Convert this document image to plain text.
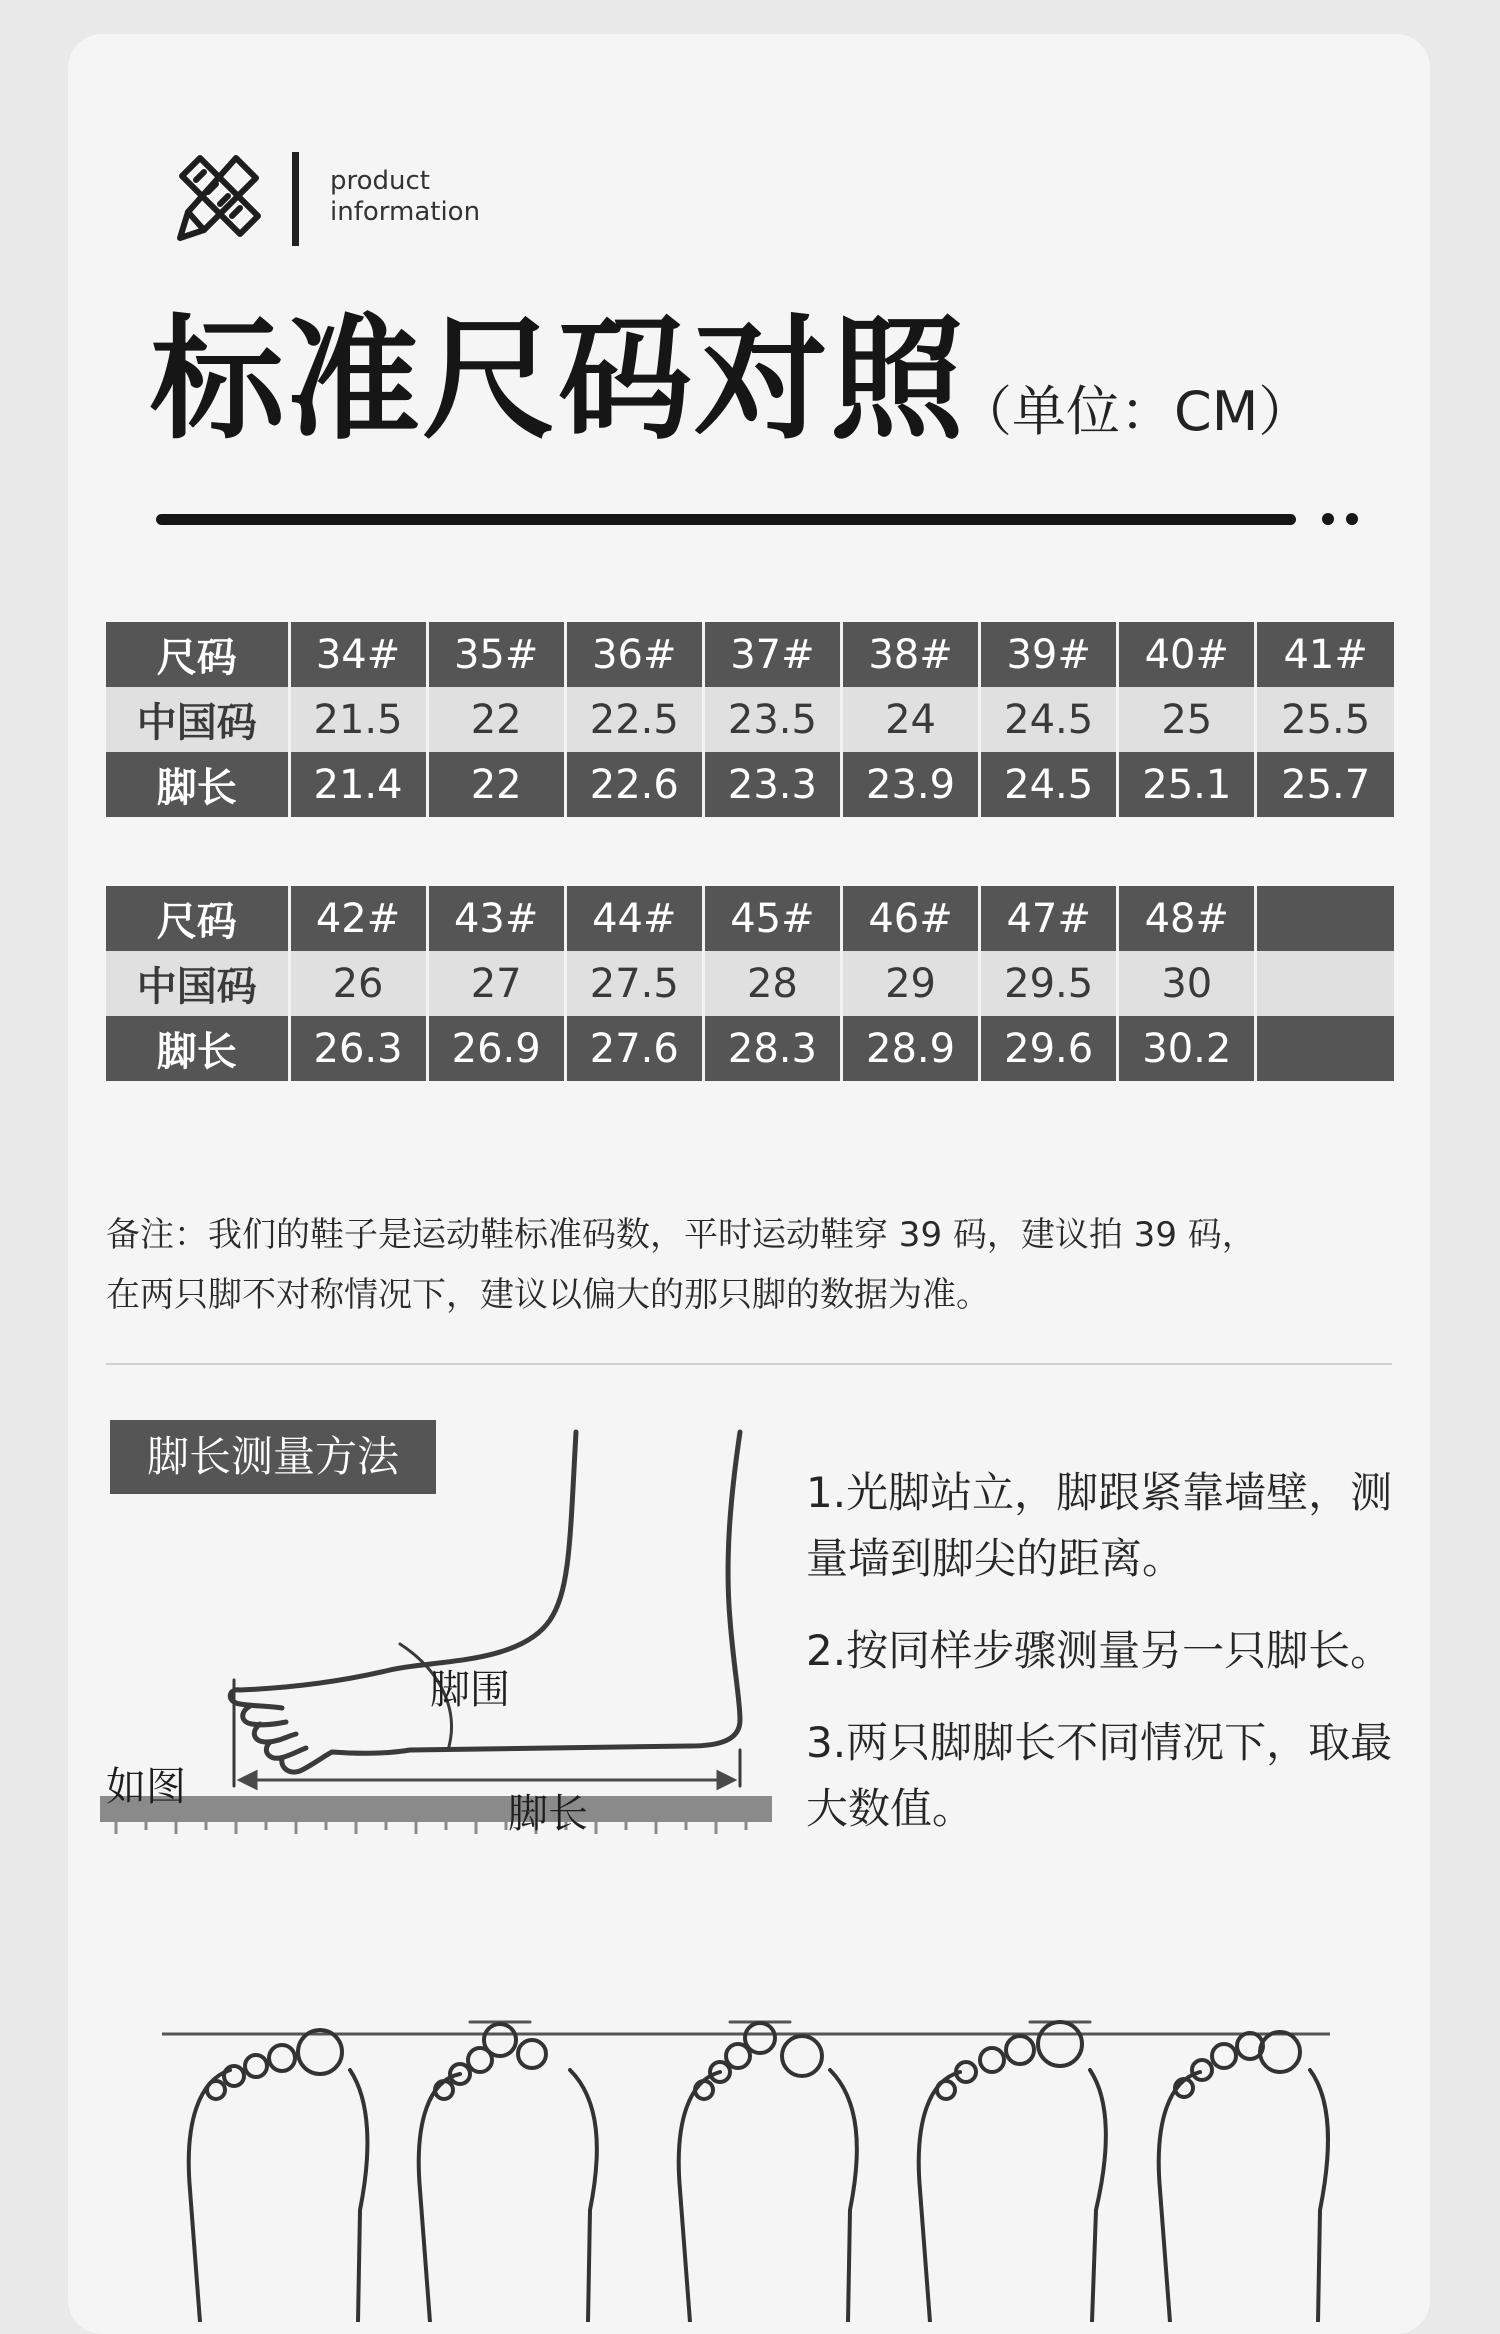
product
information
标准尺码对照
（单位：CM）
尺码	34#	35#	36#	37#	38#	39#	40#	41#
中国码	21.5	22	22.5	23.5	24	24.5	25	25.5
脚长	21.4	22	22.6	23.3	23.9	24.5	25.1	25.7
尺码	42#	43#	44#	45#	46#	47#	48#	
中国码	26	27	27.5	28	29	29.5	30	
脚长	26.3	26.9	27.6	28.3	28.9	29.6	30.2	
备注：我们的鞋子是运动鞋标准码数，平时运动鞋穿 39 码，建议拍 39 码，
在两只脚不对称情况下，建议以偏大的那只脚的数据为准。
脚长测量方法
如图
脚围
脚长

1.光脚站立，脚跟紧靠墙壁，测量墙到脚尖的距离。

2.按同样步骤测量另一只脚长。

3.两只脚脚长不同情况下，取最大数值。
